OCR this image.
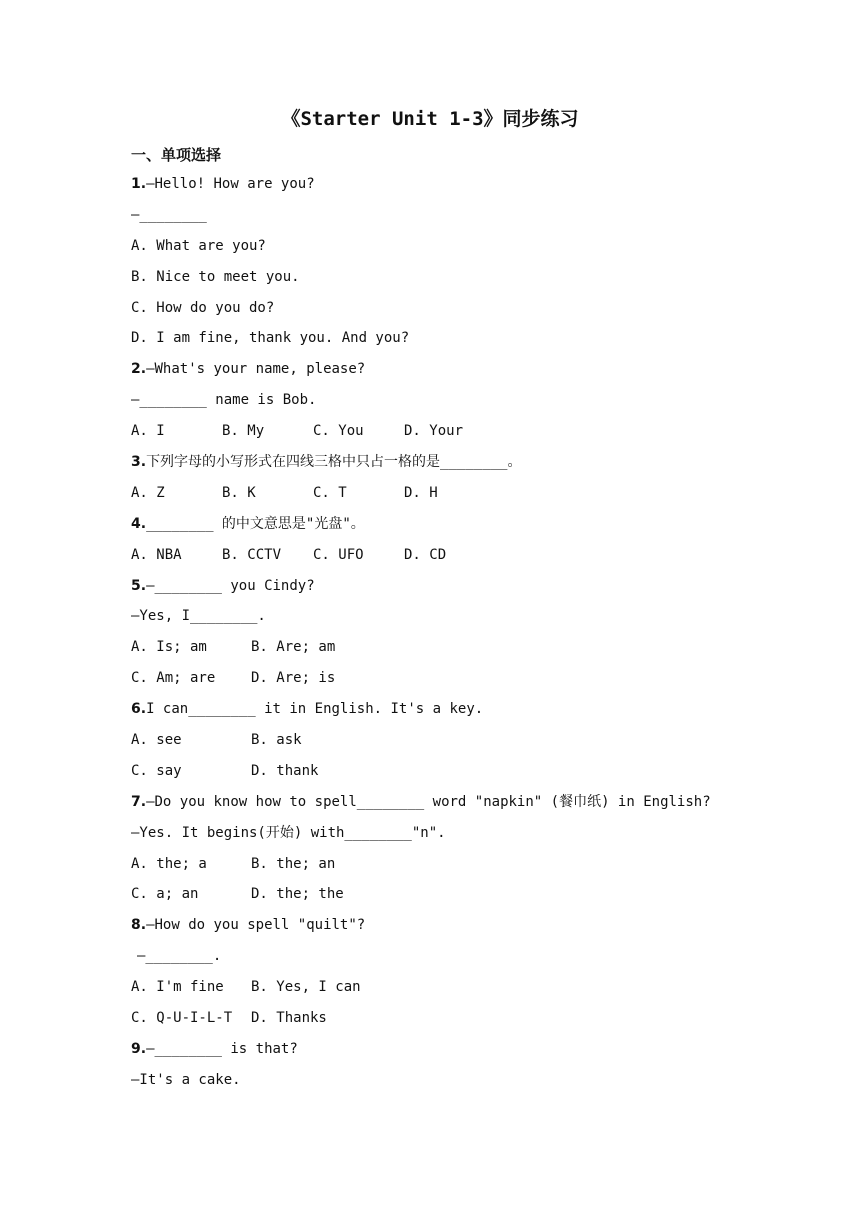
《Starter Unit 1-3》同步练习
一、单项选择
1.—Hello! How are you?
—________
A. What are you?
B. Nice to meet you.
C. How do you do?
D. I am fine, thank you. And you?
2.—What's your name, please?
—________ name is Bob.
A. I	B. My	C. You	D. Your
3.下列字母的小写形式在四线三格中只占一格的是________。
A. Z	B. K	C. T	D. H
4.________ 的中文意思是"光盘"。
A. NBA	B. CCTV C. UFO	D. CD
5.—________ you Cindy?
—Yes, I________.
A. Is; am	B. Are; am
C. Am; are	D. Are; is
6.I can________ it in English. It's a key.
A. see	B. ask
C. say	D. thank
7.—Do you know how to spell________ word "napkin" (餐巾纸) in English?
—Yes. It begins(开始) with________"n".
A. the; a	B. the; an
C. a; an	D. the; the
8.—How do you spell "quilt"?
—________.
A. I'm fine B. Yes, I can
C. Q-U-I-L-T D. Thanks
9.—________ is that?
—It's a cake.
